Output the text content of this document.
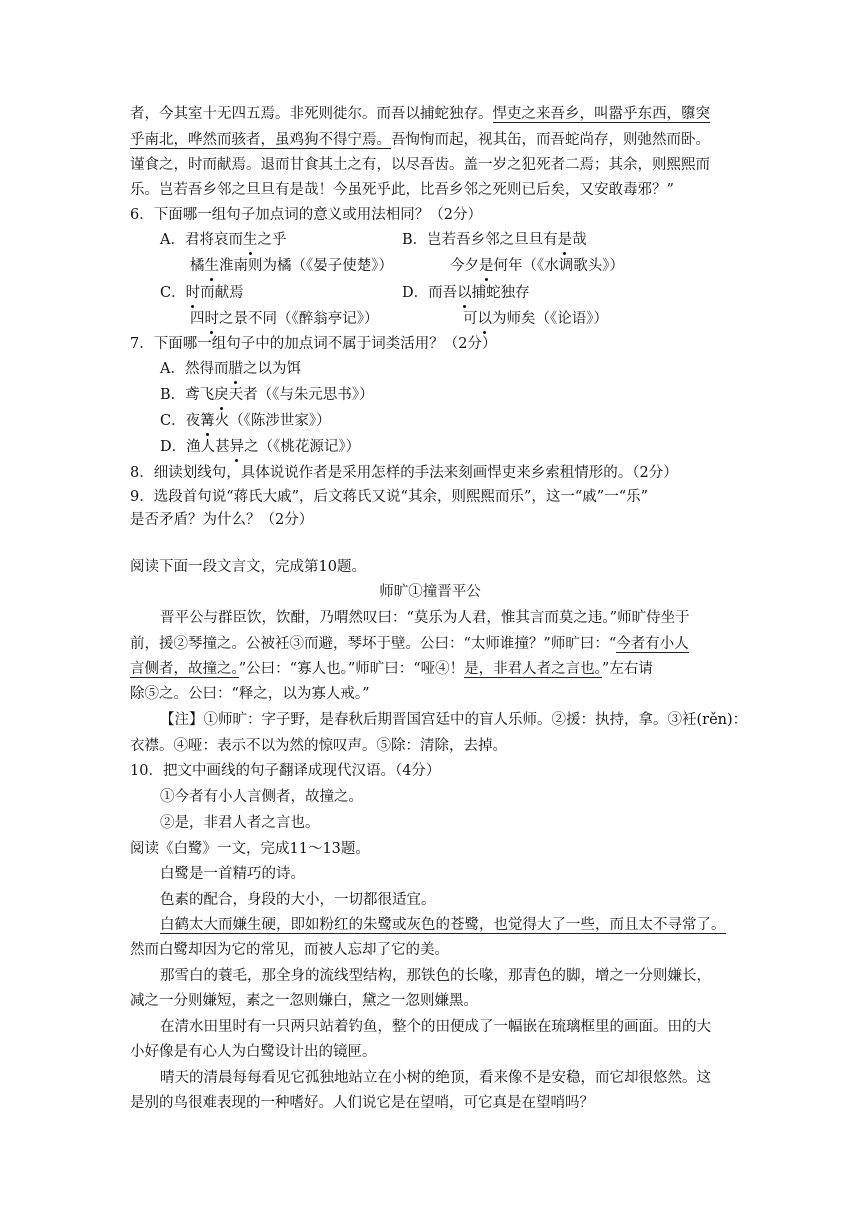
者，今其室十无四五焉。非死则徙尔。而吾以捕蛇独存。悍吏之来吾乡，叫嚣乎东西，隳突
乎南北，哗然而骇者，虽鸡狗不得宁焉。吾恂恂而起，视其缶，而吾蛇尚存，则弛然而卧。
谨食之，时而献焉。退而甘食其土之有，以尽吾齿。盖一岁之犯死者二焉；其余，则熙熙而
乐。岂若吾乡邻之旦旦有是哉！今虽死乎此，比吾乡邻之死则已后矣，又安敢毒邪？”
6．下面哪一组句子加点词的意义或用法相同？（2分）
A．君将哀而生之乎	B．岂若吾乡邻之旦旦有是哉
橘生淮南则为橘（《晏子使楚》）	今夕是何年（《水调歌头》）
C．时而献焉	D．而吾以捕蛇独存
四时之景不同（《醉翁亭记》）	可以为师矣（《论语》）
7．下面哪一组句子中的加点词不属于词类活用？（2分）
A．然得而腊之以为饵
B．鸢飞戾天者（《与朱元思书》）
C．夜篝火（《陈涉世家》）
D．渔人甚异之（《桃花源记》）
8．细读划线句，具体说说作者是采用怎样的手法来刻画悍吏来乡索租情形的。（2分）
9．选段首句说“蒋氏大戚”，后文蒋氏又说“其余，则熙熙而乐”，这一“戚”一“乐”
是否矛盾？为什么？（2分）
阅读下面一段文言文，完成第10题。
师旷①撞晋平公
晋平公与群臣饮，饮酣，乃喟然叹曰：“莫乐为人君，惟其言而莫之违。”师旷侍坐于
前，援②琴撞之。公被衽③而避，琴坏于壁。公曰：“太师谁撞？”师旷曰：“今者有小人
言侧者，故撞之。”公曰：“寡人也。”师旷曰：“哑④！是，非君人者之言也。”左右请
除⑤之。公曰：“释之，以为寡人戒。”
【注】①师旷：字子野，是春秋后期晋国宫廷中的盲人乐师。②援：执持，拿。③衽(rěn)：
衣襟。④哑：表示不以为然的惊叹声。⑤除：清除，去掉。
10．把文中画线的句子翻译成现代汉语。（4分）
①今者有小人言侧者，故撞之。
②是，非君人者之言也。
阅读《白鹭》一文，完成11～13题。
白鹭是一首精巧的诗。
色素的配合，身段的大小，一切都很适宜。
白鹤太大而嫌生硬，即如粉红的朱鹭或灰色的苍鹭，也觉得大了一些，而且太不寻常了。
然而白鹭却因为它的常见，而被人忘却了它的美。
那雪白的蓑毛，那全身的流线型结构，那铁色的长喙，那青色的脚，增之一分则嫌长，
减之一分则嫌短，素之一忽则嫌白，黛之一忽则嫌黑。
在清水田里时有一只两只站着钓鱼，整个的田便成了一幅嵌在琉璃框里的画面。田的大
小好像是有心人为白鹭设计出的镜匣。
晴天的清晨每每看见它孤独地站立在小树的绝顶，看来像不是安稳，而它却很悠然。这
是别的鸟很难表现的一种嗜好。人们说它是在望哨，可它真是在望哨吗？
